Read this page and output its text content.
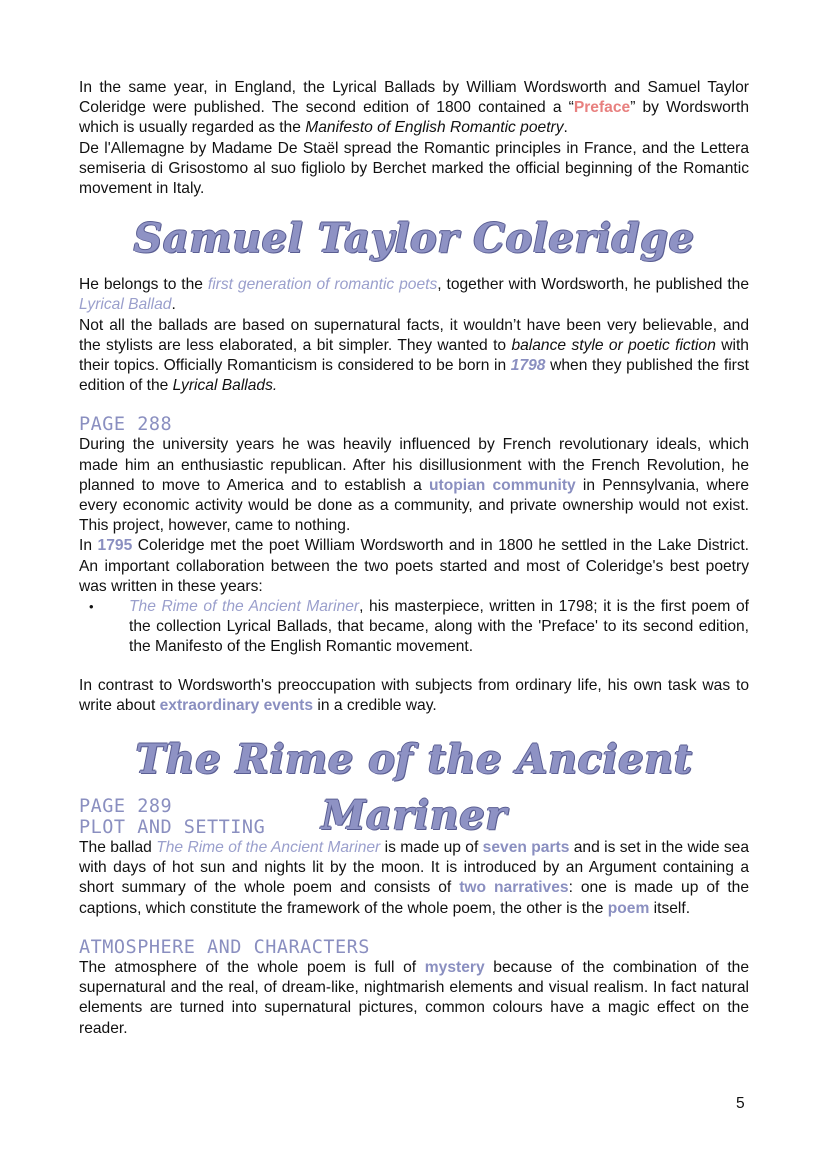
In the same year, in England, the Lyrical Ballads by William Wordsworth and Samuel Taylor Coleridge were published. The second edition of 1800 contained a “Preface” by Wordsworth which is usually regarded as the Manifesto of English Romantic poetry.

De l'Allemagne by Madame De Staël spread the Romantic principles in France, and the Lettera semiseria di Grisostomo al suo figliolo by Berchet marked the official beginning of the Romantic movement in Italy.

Samuel Taylor Coleridge

He belongs to the first generation of romantic poets, together with Wordsworth, he published the Lyrical Ballad.

Not all the ballads are based on supernatural facts, it wouldn’t have been very believable, and the stylists are less elaborated, a bit simpler. They wanted to balance style or poetic fiction with their topics. Officially Romanticism is considered to be born in 1798 when they published the first edition of the Lyrical Ballads.

PAGE 288

During the university years he was heavily influenced by French revolutionary ideals, which made him an enthusiastic republican. After his disillusionment with the French Revolution, he planned to move to America and to establish a utopian community in Pennsylvania, where every economic activity would be done as a community, and private ownership would not exist. This project, however, came to nothing.

In 1795 Coleridge met the poet William Wordsworth and in 1800 he settled in the Lake District. An important collaboration between the two poets started and most of Coleridge's best poetry was written in these years:

• The Rime of the Ancient Mariner, his masterpiece, written in 1798; it is the first poem of the collection Lyrical Ballads, that became, along with the 'Preface' to its second edition, the Manifesto of the English Romantic movement.

In contrast to Wordsworth's preoccupation with subjects from ordinary life, his own task was to write about extraordinary events in a credible way.

The Rime of the Ancient Mariner
PAGE 289
PLOT AND SETTING

The ballad The Rime of the Ancient Mariner is made up of seven parts and is set in the wide sea with days of hot sun and nights lit by the moon. It is introduced by an Argument containing a short summary of the whole poem and consists of two narratives: one is made up of the captions, which constitute the framework of the whole poem, the other is the poem itself.

ATMOSPHERE AND CHARACTERS

The atmosphere of the whole poem is full of mystery because of the combination of the supernatural and the real, of dream-like, nightmarish elements and visual realism. In fact natural elements are turned into supernatural pictures, common colours have a magic effect on the reader.

5
